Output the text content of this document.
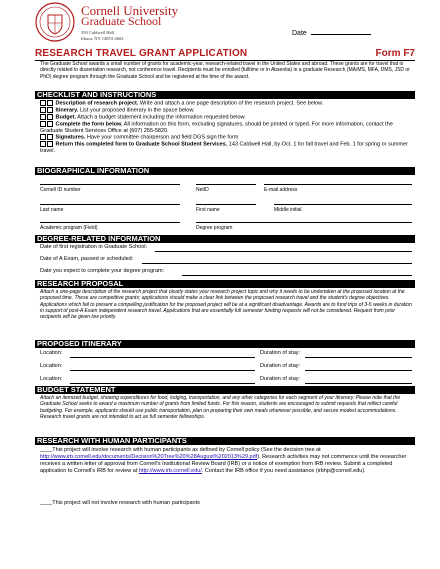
Cornell University
Graduate School
350 Caldwell Hall
Ithaca, NY 14853-2602
Date
RESEARCH TRAVEL GRANT APPLICATION	Form F7
The Graduate School awards a small number of grants for academic-year, research-related travel in the United States and abroad. These grants are for travel that is directly related to dissertation research, not conference travel. Recipients must be enrolled (fulltime or in Absentia) in a graduate Research (MA/MS, MFA, DMS, JSD or PhD) degree program through the Graduate School and be registered at the time of the award.
CHECKLIST AND INSTRUCTIONS
Description of research project. Write and attach a one page description of the research project. See below.
Itinerary. List your proposed itinerary in the space below.
Budget. Attach a budget statement including the information requested below.
Complete the form below. All information on this form, excluding signatures, should be printed or typed. For more information, contact the Graduate Student Services Office at (607) 255-5820.
Signatures. Have your committee chairperson and field DGS sign the form
Return this completed form to Graduate School Student Services, 143 Caldwell Hall, by Oct. 1 for fall travel and Feb. 1 for spring or summer travel.
BIOGRAPHICAL INFORMATION
Cornell ID number	NetID	E-mail address
Last name	First name	Middle initial
Academic program (Field)	Degree program
DEGREE-RELATED INFORMATION
Date of first registration in Graduate School:
Date of A Exam, passed or scheduled:
Date you expect to complete your degree program:
RESEARCH PROPOSAL
Attach a one-page description of the research project that clearly states your research project topic and why it needs to be undertaken at the proposed location at the proposed time. These are competitive grants; applications should make a clear link between the proposed research travel and the student's degree objectives. Applications which fail to present a compelling justification for the proposed project will be at a significant disadvantage. Awards are to fund trips of 3-5 weeks in duration in support of post-A Exam independent research travel. Applications that are essentially full semester funding requests will not be considered. Request from prior recipients will be given low priority.
PROPOSED ITINERARY
Location:	Duration of stay:
Location:	Duration of stay:
Location:	Duration of stay:
BUDGET STATEMENT
Attach an itemized budget, showing expenditures for food, lodging, transportation, and any other categories for each segment of your itinerary. Please note that the Graduate School seeks to award a maximum number of grants from limited funds. For this reason, students are encouraged to submit requests that reflect careful budgeting. For example, applicants should use public transportation, plan on preparing their own meals whenever possible, and secure modest accommodations. Research travel grants are not intended to act as full semester fellowships.
RESEARCH WITH HUMAN PARTICIPANTS
____This project will involve research with human participants as defined by Cornell policy (See the decision tree at http://www.irb.cornell.edu/documents/Decision%20Tree%20%28August%202013%29.pdf). Research activities may not commence until the researcher receives a written letter of approval from Cornell's Institutional Review Board (IRB) or a notice of exemption from IRB review. Submit a completed application to Cornell's IRB for review at http://www.irb.cornell.edu/. Contact the IRB office if you need assistance (irbhp@cornell.edu).
____This project will not involve research with human participants
